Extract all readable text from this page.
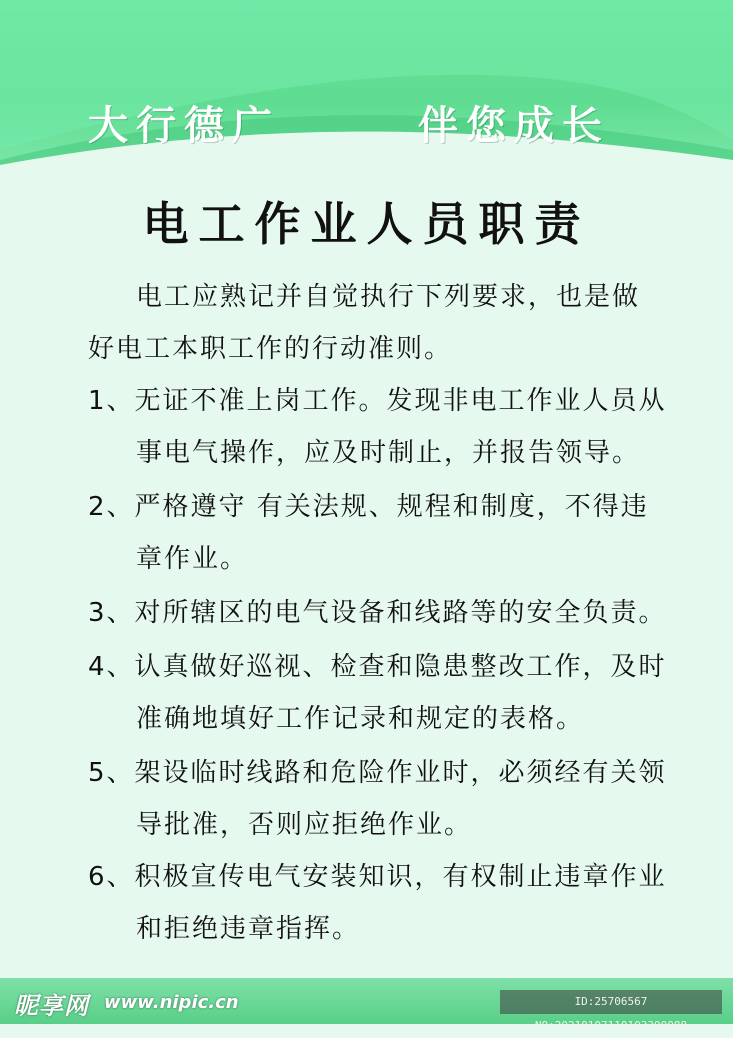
大行德广	伴您成长
电工作业人员职责
电工应熟记并自觉执行下列要求，也是做
好电工本职工作的行动准则。
1、无证不准上岗工作。发现非电工作业人员从
事电气操作，应及时制止，并报告领导。
2、严格遵守 有关法规、规程和制度，不得违
章作业。
3、对所辖区的电气设备和线路等的安全负责。
4、认真做好巡视、检查和隐患整改工作，及时
准确地填好工作记录和规定的表格。
5、架设临时线路和危险作业时，必须经有关领
导批准，否则应拒绝作业。
6、积极宣传电气安装知识，有权制止违章作业
和拒绝违章指挥。
昵享网 www.nipic.cn	ID:25706567 NO:20210107110103390088
